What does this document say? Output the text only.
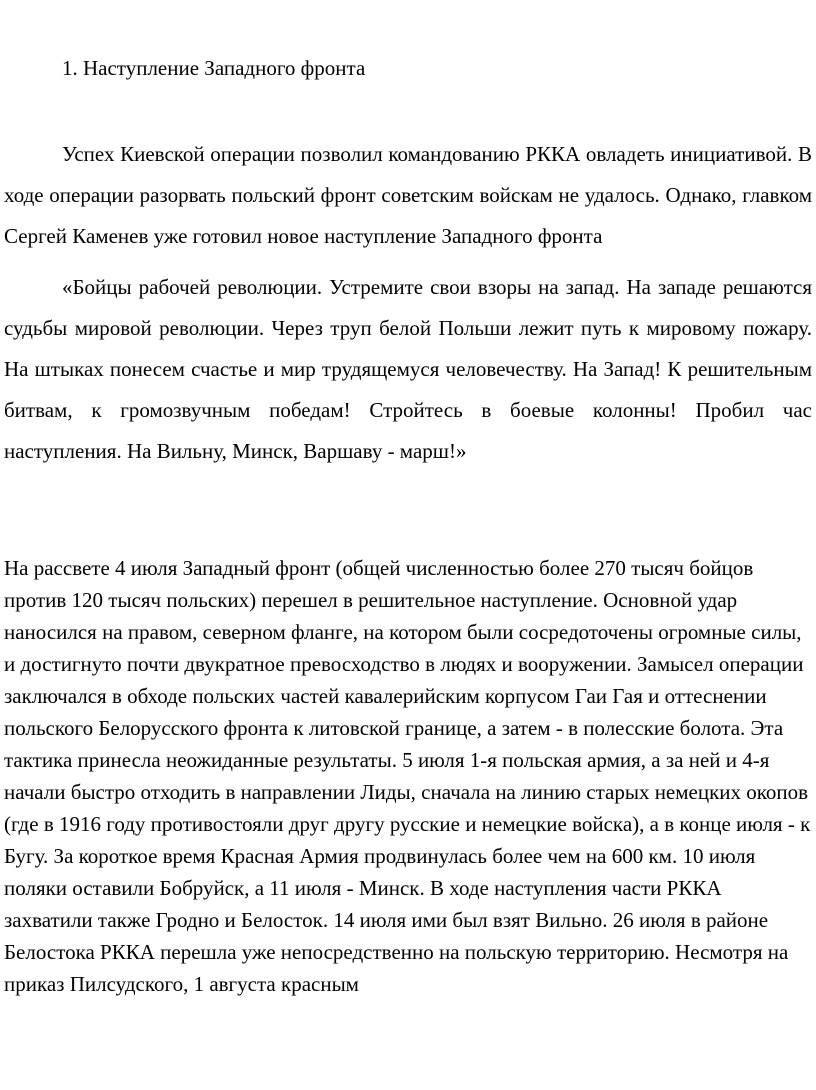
1. Наступление Западного фронта

Успех Киевской операции позволил командованию РККА овладеть инициативой. В ходе операции разорвать польский фронт советским войскам не удалось. Однако, главком Сергей Каменев уже готовил новое наступление Западного фронта

«Бойцы рабочей революции. Устремите свои взоры на запад. На западе решаются судьбы мировой революции. Через труп белой Польши лежит путь к мировому пожару. На штыках понесем счастье и мир трудящемуся человечеству. На Запад! К решительным битвам, к громозвучным победам! Стройтесь в боевые колонны! Пробил час наступления. На Вильну, Минск, Варшаву - марш!»

На рассвете 4 июля Западный фронт (общей численностью более 270 тысяч бойцов против 120 тысяч польских) перешел в решительное наступление. Основной удар наносился на правом, северном фланге, на котором были сосредоточены огромные силы, и достигнуто почти двукратное превосходство в людях и вооружении. Замысел операции заключался в обходе польских частей кавалерийским корпусом Гаи Гая и оттеснении польского Белорусского фронта к литовской границе, а затем - в полесские болота. Эта тактика принесла неожиданные результаты. 5 июля 1-я польская армия, а за ней и 4-я начали быстро отходить в направлении Лиды, сначала на линию старых немецких окопов (где в 1916 году противостояли друг другу русские и немецкие войска), а в конце июля - к Бугу. За короткое время Красная Армия продвинулась более чем на 600 км. 10 июля поляки оставили Бобруйск, а 11 июля - Минск. В ходе наступления части РККА захватили также Гродно и Белосток. 14 июля ими был взят Вильно. 26 июля в районе Белостока РККА перешла уже непосредственно на польскую территорию. Несмотря на приказ Пилсудского, 1 августа красным
